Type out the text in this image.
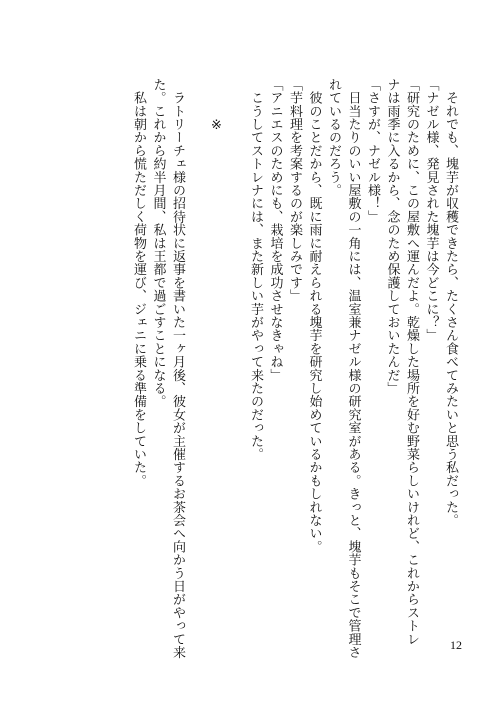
　それでも、塊芋が収穫できたら、たくさん食べてみたいと思う私だった。
「ナゼル様、発見された塊芋は今どこに？」
「研究のために、この屋敷へ運んだよ。乾燥した場所を好む野菜らしいけれど、これからストレ
ナは雨季に入るから、念のため保護しておいたんだ」
「さすが、ナゼル様！」
　日当たりのいい屋敷の一角には、温室兼ナゼル様の研究室がある。きっと、塊芋もそこで管理さ
れているのだろう。
　彼のことだから、既に雨に耐えられる塊芋を研究し始めているかもしれない。
「芋料理を考案するのが楽しみです」
「アニエスのためにも、栽培を成功させなきゃね」
　こうしてストレナには、また新しい芋がやって来たのだった。
※
　ラトリーチェ様の招待状に返事を書いた一ヶ月後、彼女が主催するお茶会へ向かう日がやって来
た。これから約半月間、私は王都で過ごすことになる。
　私は朝から慌ただしく荷物を運び、ジェニに乗る準備をしていた。
12
